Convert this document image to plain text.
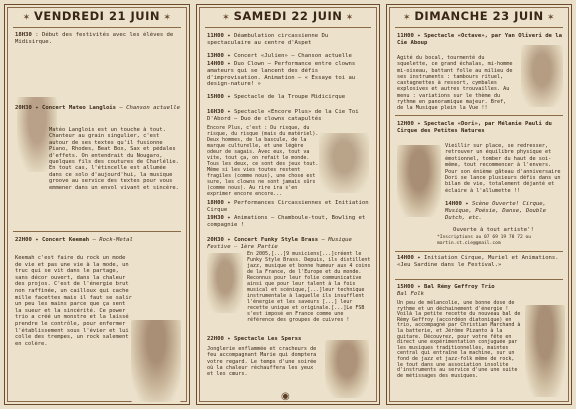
✶ VENDREDI 21 JUIN ✶
18H30 : Début des festivités avec les élèves de Midisirque.
20H30 ✦ Concert Mateo Langlois – Chanson actuelle
Matéo Langlois est un touche à tout. Chanteur au grain singulier, c'est autour de ses textes qu'il fusionne Piano, Rhodes, Beat Box, Sax et pédales d'effets. On entendrait du Nougaro, quelques fils des coutures de Charlélie. En tout cas, l'étincelle est allumée dans ce solo d'aujourd'hui, la musique groove au service des textes pour vous emmener dans un envol vivant et sincère.
22H00 ✦ Concert Keemah – Rock-Metal
Keemah c'est faire du rock un mode de vie et pas une vie à la mode, un truc qui se vit dans le partage, sans décor ouvert, dans la chaleur des projos. C'est de l'énergie brut non raffinée, un cailloux qui cache mille facettes mais il faut se salir un peu les mains parce que ça sent la sueur et la sincérité. Ce power trio a créé un monstre et la laissé prendre le contrôle, pour enfermer l'établissement sous l'évier et lui colle des trempes, un rock salement en colère.
✶ SAMEDI 22 JUIN ✶
11H00 ✦ Déambulation circassienne Du spectaculaire au centre d'Aspet
13H00 ✦ Concert «Julien» – Chanson actuelle
14H00 ✦ Duo Clown – Performance entre clowns amateurs qui se lancent des défis d'improvisation. Animation – « Essaye toi au design-nature! »
15H00 ✦ Spectacle de la Troupe Midicirque
16H30 ✦ Spectacle «Encore Plus» de la Cie Toi D'Abord – Duo de clowns catapultés
Encore Plus, c'est : Du risque, du risque, du risque (mais du matériel). Deux hommes, de la bascule, de la marque culturelle, et une légère odeur de sagais. Avec eux, tout va vite, tout ça, on refait le monde. Tous les deux, ce sont des jeux tout. Même si les vies toutes restent fragiles (comme nous), une chose est sure, les clowns ne sont jamais sûrs (comme nous). Au rire ira s'en exprimer encore encore...
18H00 ✦ Performances Circassiennes et Initiation Cirque
19H30 ✦ Animations – Chamboule-tout, Bowling et compagnie !
20H30 ✦ Concert Funky Style Brass – Musique Festive – 1ère Partie
En 2005,[...]9 musiciens[...]créent le Funky Style Brass. Depuis, ils distillent jazz, musique et bonne humeur aux 4 coins de la France, de l'Europe et du monde. Reconnus pour leur folie communicative ainsi que pour leur talent à la fois musical et scénique,[...]leur technique instrumentale à laquelle ils insufflent l'énergie et les saveurs [...] leur recette unique et originale.[...]Le FSB s'est imposé en France comme une référence des groupes de cuivres !
22H00 ✦ Spectacle Les Sperss
Jonglerie enflammée et cracheurs de feu accompagnant Marie qui domptera votre regard. Le temps d'une soirée où la chaleur réchauffera les yeux et les cœurs.
◉
✶ DIMANCHE 23 JUIN ✶
11H00 ✦ Spectacle «Octave», par Yan Oliveri de la Cie Aboup
Agité du bocal, tourmenté du squelette, ce grand échalas, mi-homme mi-oiseau, battant folle au milieu de ses instruments : tambours rituel, castagnettes à ressort, cymbales explosives et autres trouvailles. Au menu : variations sur le thème du rythme en panoramique majeur. Bref, de la Musique plein la Vue !!
12H00 ✦ Spectacle «Dori», par Mélanie Pauli du Cirque des Petites Natures
Vieillir sur place, se redresser, retrouver un équilibre physique et émotionnel, tomber du haut de soi-même, tout recommencer à l'envers. Pour son énième gâteau d'anniversaire Dori se lance plusieurs défis dans un bilan de vie, totalement déjanté et éclaire à l'allumette !!
14H00 ✦ Scène Ouverte! Cirque, Musique, Poésie, Danse, Double Dutch, etc.
Ouverte à tout artiste'!
*Inscriptions au 07 69 19 78 72 ou martin.st.cie@gmail.com
14H00 ✦ Initiation Cirque, Muriel et Animations. «Jeu Sardine dans le Festival.»
15H00 ✦ Bal Rémy Geffroy Trio
Bal Folk
Un peu de mélancolie, une bonne dose de rythme et un déchainement d'énergie ! Voilà la petite recette du nouveau bal de Rémy Geffroy (accordéon diatonique) en trio, accompagné par Christian Marchand à la batterie, et Jérôme Pizanto à la guitare. Découvrez, pour votre fête en direct une expérimentation conjuguée par les musiques traditionnelles, maintes central qui entraîne la machine, sur un fond de jazz et jazz-folk même de rock, le tout dans une association insolite d'instruments au service d'une une suite de métissages des musiques.
